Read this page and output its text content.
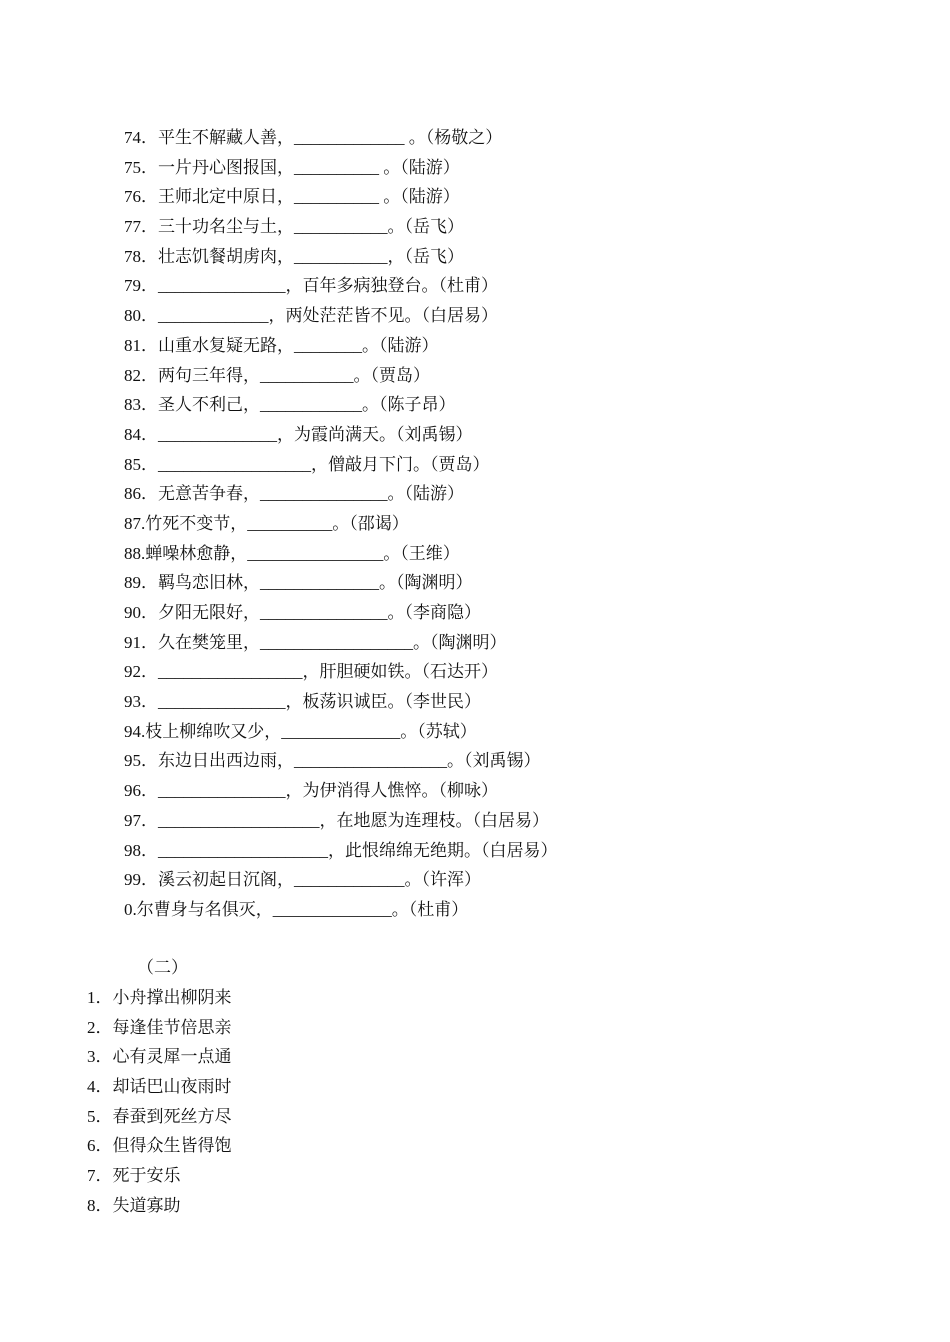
74．平生不解藏人善，_____________ 。（杨敬之）
75．一片丹心图报国，__________ 。（陆游）
76．王师北定中原日，__________ 。（陆游）
77．三十功名尘与土，___________。（岳飞）
78．壮志饥餐胡虏肉，___________，（岳飞）
79．_______________，百年多病独登台。（杜甫）
80．_____________，两处茫茫皆不见。（白居易）
81．山重水复疑无路，________。（陆游）
82．两句三年得，___________。（贾岛）
83．圣人不利己，____________。（陈子昂）
84．______________，为霞尚满天。（刘禹锡）
85．__________________，僧敲月下门。（贾岛）
86．无意苦争春，_______________。（陆游）
87.竹死不变节，__________。（邵谒）
88.蝉噪林愈静，________________。（王维）
89．羁鸟恋旧林，______________。（陶渊明）
90．夕阳无限好，_______________。（李商隐）
91．久在樊笼里，__________________。（陶渊明）
92．_________________，肝胆硬如铁。（石达开）
93．_______________，板荡识诚臣。（李世民）
94.枝上柳绵吹又少，______________。（苏轼）
95．东边日出西边雨，__________________。（刘禹锡）
96．_______________，为伊消得人憔悴。（柳咏）
97．___________________，在地愿为连理枝。（白居易）
98．____________________，此恨绵绵无绝期。（白居易）
99．溪云初起日沉阁，_____________。（许浑）
0.尔曹身与名俱灭，______________。（杜甫）
（二）
1．小舟撑出柳阴来
2．每逢佳节倍思亲
3．心有灵犀一点通
4．却话巴山夜雨时
5．春蚕到死丝方尽
6．但得众生皆得饱
7．死于安乐
8．失道寡助
